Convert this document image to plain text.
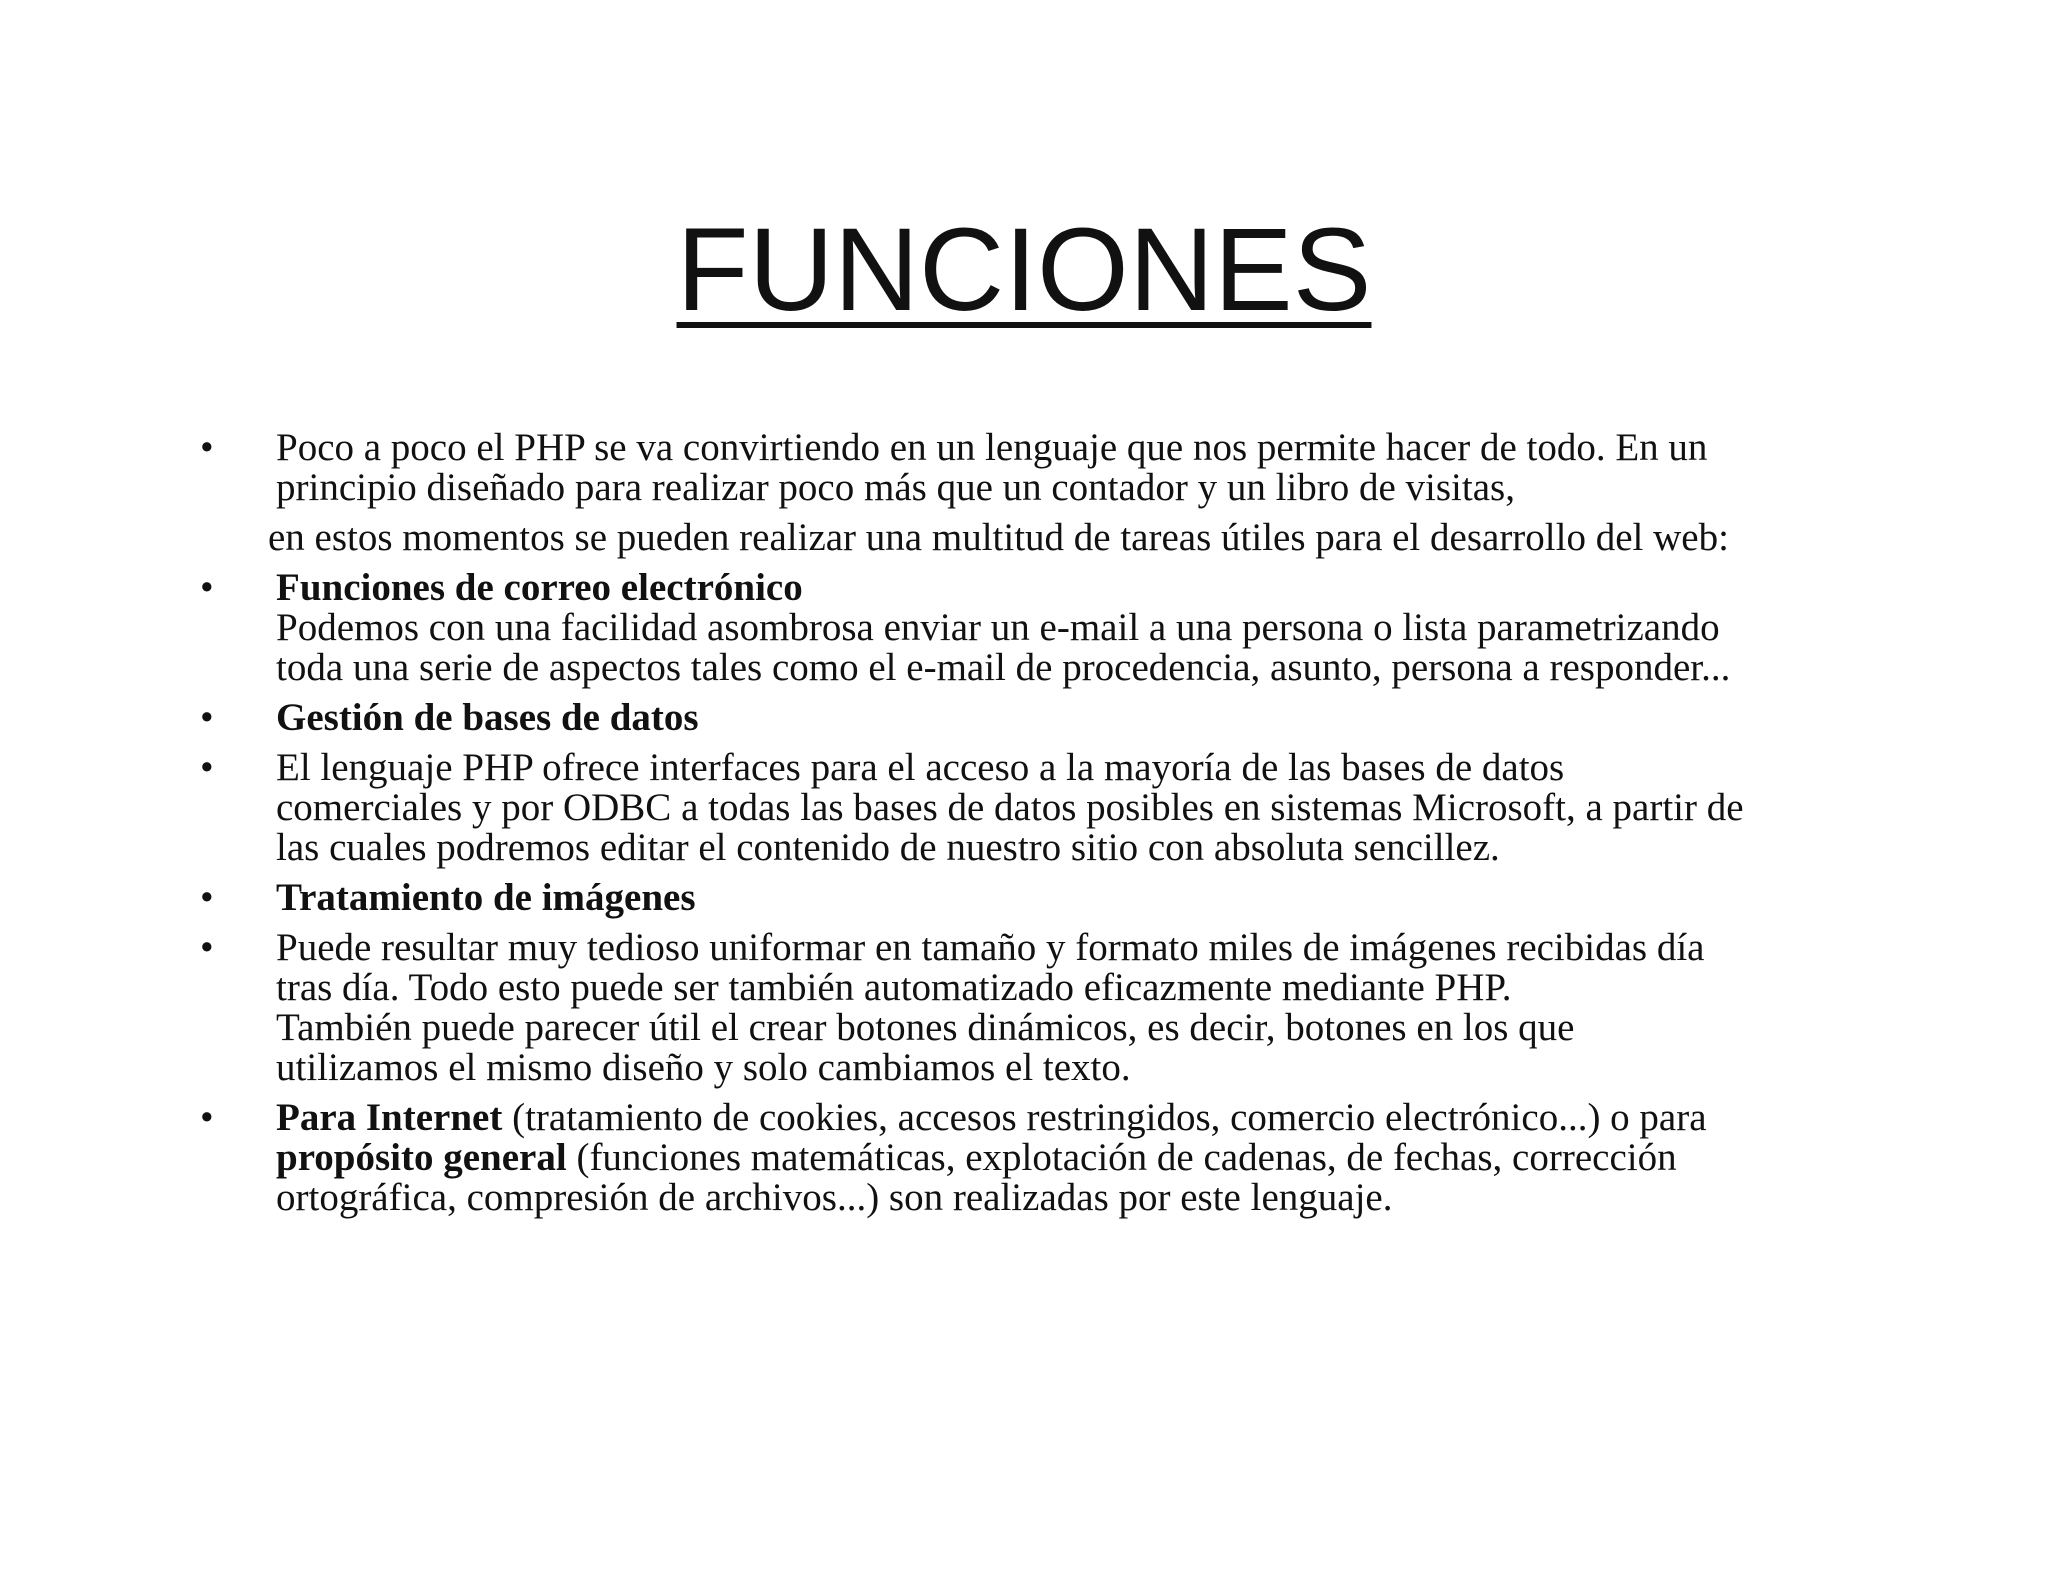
FUNCIONES
• Poco a poco el PHP se va convirtiendo en un lenguaje que nos permite hacer de todo. En un
principio diseñado para realizar poco más que un contador y un libro de visitas,
en estos momentos se pueden realizar una multitud de tareas útiles para el desarrollo del web:
• Funciones de correo electrónico
Podemos con una facilidad asombrosa enviar un e-mail a una persona o lista parametrizando
toda una serie de aspectos tales como el e-mail de procedencia, asunto, persona a responder...
• Gestión de bases de datos
• El lenguaje PHP ofrece interfaces para el acceso a la mayoría de las bases de datos
comerciales y por ODBC a todas las bases de datos posibles en sistemas Microsoft, a partir de
las cuales podremos editar el contenido de nuestro sitio con absoluta sencillez.
• Tratamiento de imágenes
• Puede resultar muy tedioso uniformar en tamaño y formato miles de imágenes recibidas día
tras día. Todo esto puede ser también automatizado eficazmente mediante PHP.
También puede parecer útil el crear botones dinámicos, es decir, botones en los que
utilizamos el mismo diseño y solo cambiamos el texto.
• Para Internet (tratamiento de cookies, accesos restringidos, comercio electrónico...) o para
propósito general (funciones matemáticas, explotación de cadenas, de fechas, corrección
ortográfica, compresión de archivos...) son realizadas por este lenguaje.
